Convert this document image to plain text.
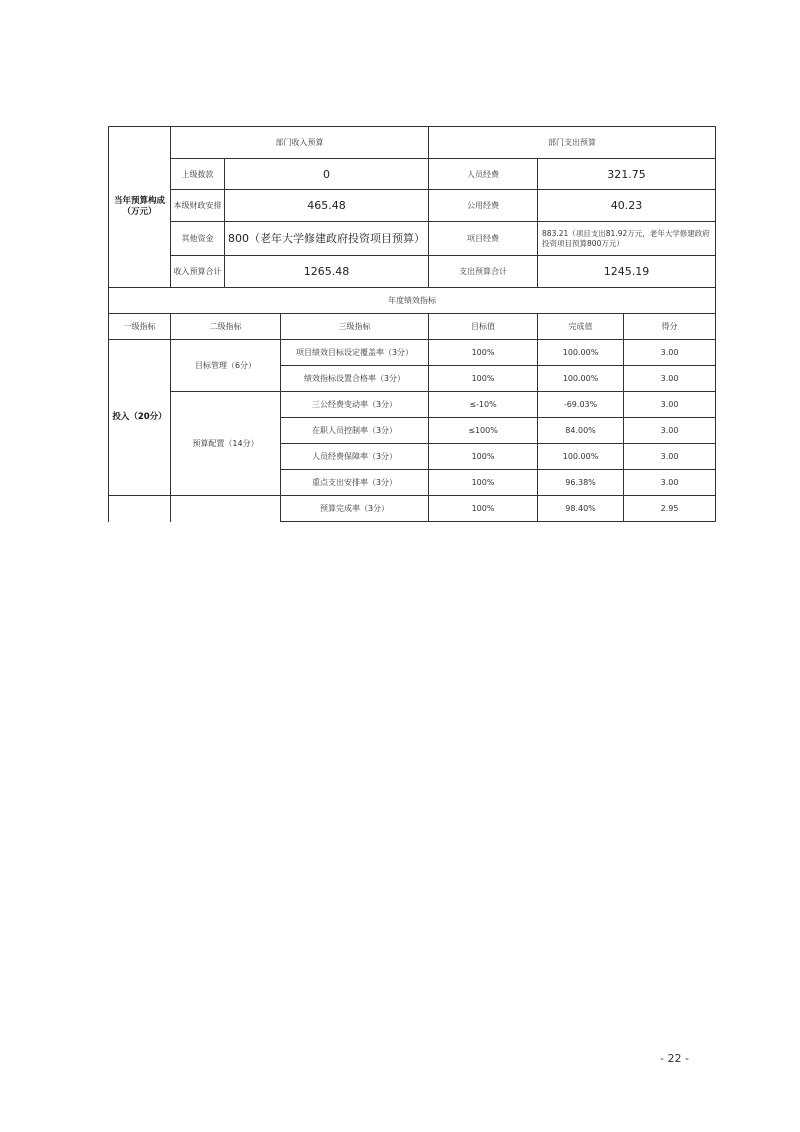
当年预算构成（万元）	部门收入预算			部门支出预算		
	上级拨款	0		人员经费	321.75	
	本级财政安排	465.48		公用经费	40.23	
	其他资金	800（老年大学修建政府投资项目预算）		项目经费	883.21（项目支出81.92万元，老年大学修建政府投资项目预算800万元）	
	收入预算合计	1265.48		支出预算合计	1245.19	
年度绩效指标						
一级指标	二级指标		三级指标	目标值	完成值	得分
投入（20分）	目标管理（6分）		项目绩效目标设定覆盖率（3分）	100%	100.00%	3.00
			绩效指标设置合格率（3分）	100%	100.00%	3.00
	预算配置（14分）		三公经费变动率（3分）	≤-10%	-69.03%	3.00
			在职人员控制率（3分）	≤100%	84.00%	3.00
			人员经费保障率（3分）	100%	100.00%	3.00
			重点支出安排率（3分）	100%	96.38%	3.00
			预算完成率（3分）	100%	98.40%	2.95
- 22 -
